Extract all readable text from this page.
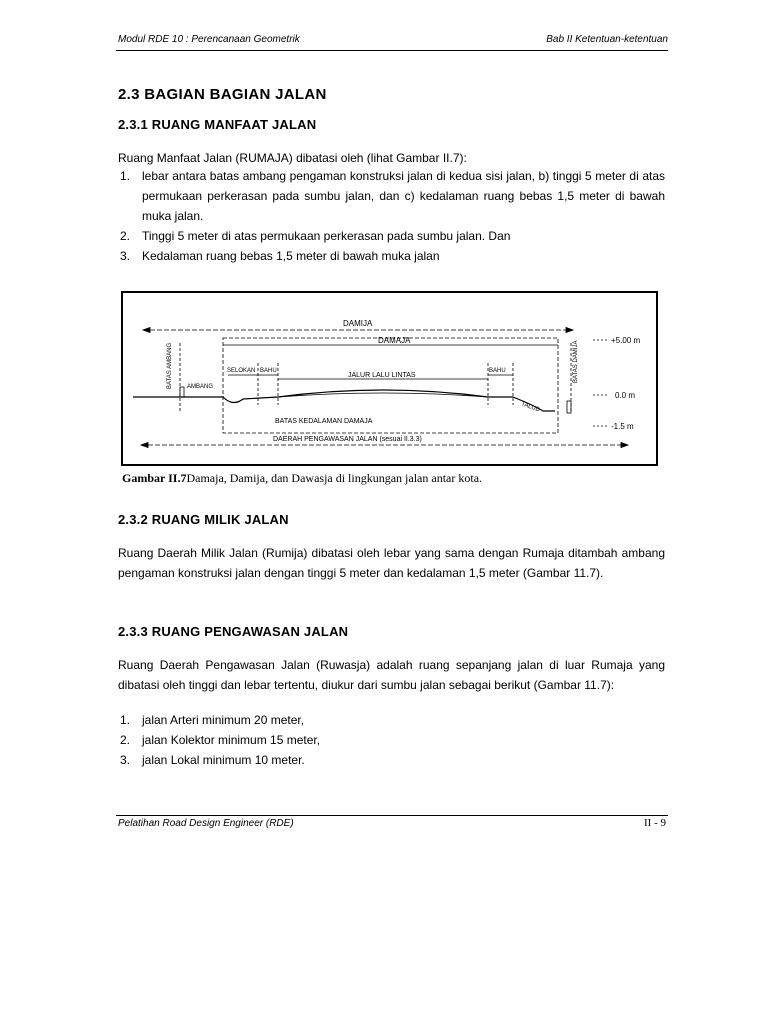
Modul RDE 10 : Perencanaan Geometrik	Bab II Ketentuan-ketentuan
2.3 BAGIAN BAGIAN JALAN
2.3.1 RUANG MANFAAT JALAN
Ruang Manfaat Jalan (RUMAJA) dibatasi oleh (lihat Gambar II.7):
1. lebar antara batas ambang pengaman konstruksi jalan di kedua sisi jalan, b) tinggi 5 meter di atas permukaan perkerasan pada sumbu jalan, dan c) kedalaman ruang bebas 1,5 meter di bawah muka jalan.
2. Tinggi 5 meter di atas permukaan perkerasan pada sumbu jalan. Dan
3. Kedalaman ruang bebas 1,5 meter di bawah muka jalan
DAMIJA
DAMAJA
BATAS AMBANG AMBANG
SELOKAN BAHU
JALUR LALU LINTAS
BAHU	BATAS DAMIJA
TALUD
BATAS KEDALAMAN DAMAJA
DAERAH PENGAWASAN JALAN (sesuai II.3.3)
+5.00 m
0.0 m
-1.5 m
Gambar II.7Damaja, Damija, dan Dawasja di lingkungan jalan antar kota.
2.3.2 RUANG MILIK JALAN
Ruang Daerah Milik Jalan (Rumija) dibatasi oleh lebar yang sama dengan Rumaja ditambah ambang pengaman konstruksi jalan dengan tinggi 5 meter dan kedalaman 1,5 meter (Gambar 11.7).
2.3.3 RUANG PENGAWASAN JALAN
Ruang Daerah Pengawasan Jalan (Ruwasja) adalah ruang sepanjang jalan di luar Rumaja yang dibatasi oleh tinggi dan lebar tertentu, diukur dari sumbu jalan sebagai berikut (Gambar 11.7):
1. jalan Arteri minimum 20 meter,
2. jalan Kolektor minimum 15 meter,
3. jalan Lokal minimum 10 meter.
Pelatihan Road Design Engineer (RDE)	II - 9
